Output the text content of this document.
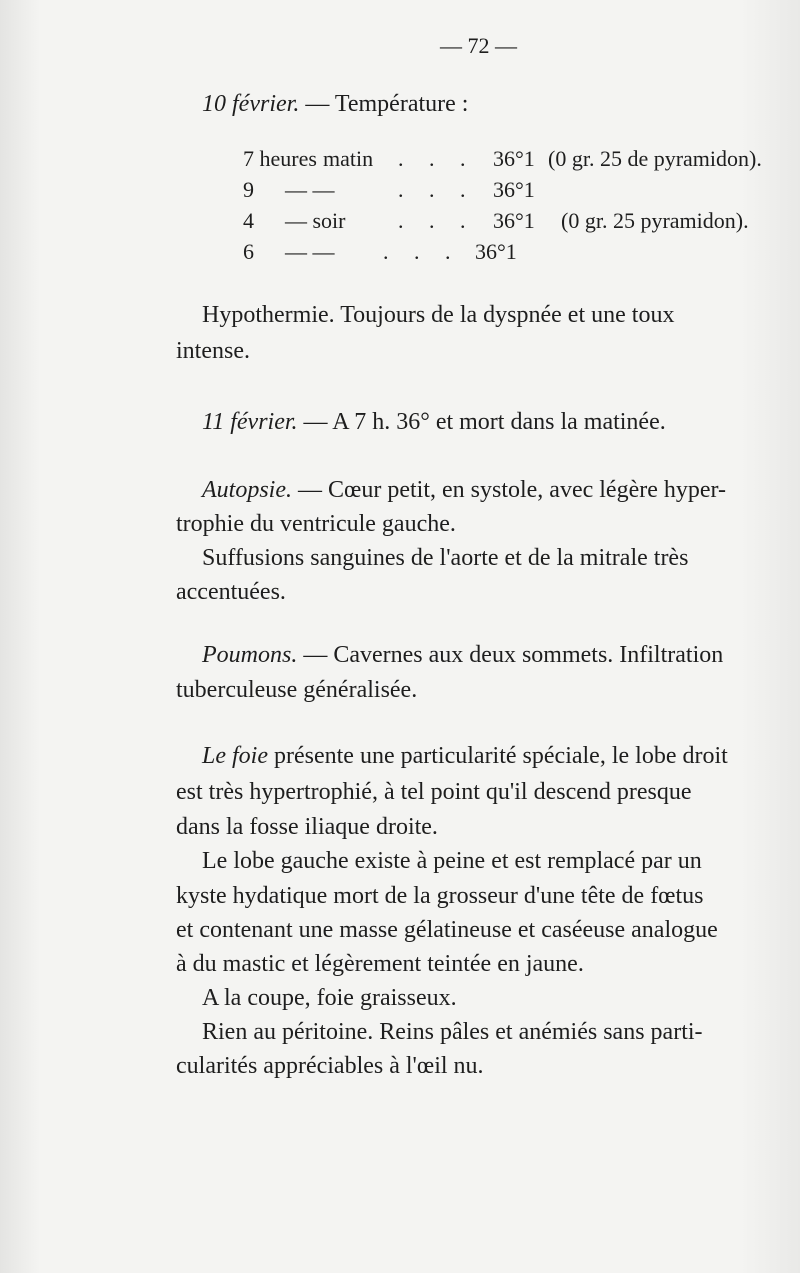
— 72 —
10 février. — Température :
7 heures matin . . . 36°1 (0 gr. 25 de pyramidon).
9 — —	. . . 36°1
4 — soir . . . 36°1 (0 gr. 25 pyramidon).
6 — — . . . 36°1
Hypothermie. Toujours de la dyspnée et une toux
intense.
11 février. — A 7 h. 36° et mort dans la matinée.
Autopsie. — Cœur petit, en systole, avec légère hyper-
trophie du ventricule gauche.
Suffusions sanguines de l'aorte et de la mitrale très
accentuées.
Poumons. — Cavernes aux deux sommets. Infiltration
tuberculeuse généralisée.
Le foie présente une particularité spéciale, le lobe droit
est très hypertrophié, à tel point qu'il descend presque
dans la fosse iliaque droite.
Le lobe gauche existe à peine et est remplacé par un
kyste hydatique mort de la grosseur d'une tête de fœtus
et contenant une masse gélatineuse et caséeuse analogue
à du mastic et légèrement teintée en jaune.
A la coupe, foie graisseux.
Rien au péritoine. Reins pâles et anémiés sans parti-
cularités appréciables à l'œil nu.
